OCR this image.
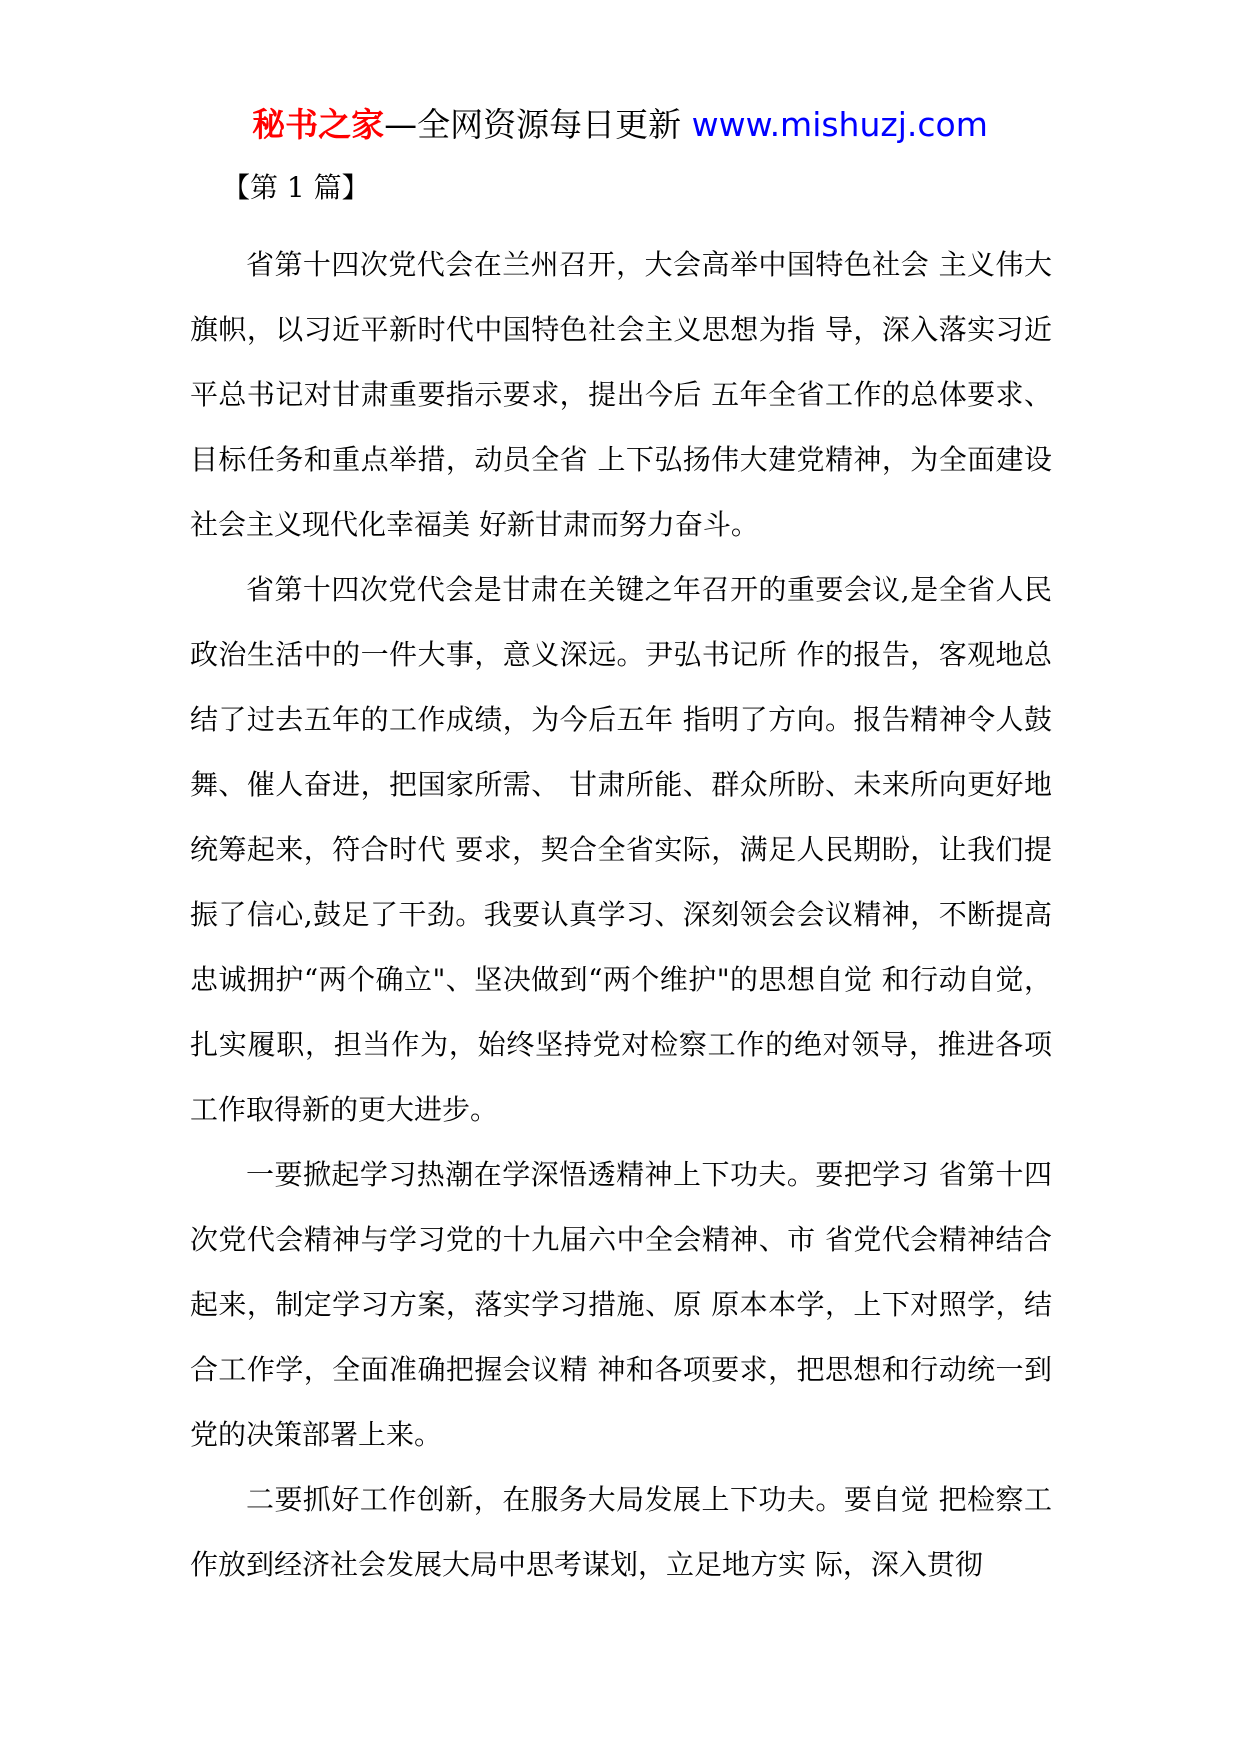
秘书之家—全网资源每日更新 www.mishuzj.com
【第 1 篇】

省第十四次党代会在兰州召开，大会高举中国特色社会 主义伟大旗帜，以习近平新时代中国特色社会主义思想为指 导，深入落实习近平总书记对甘肃重要指示要求，提出今后 五年全省工作的总体要求、目标任务和重点举措，动员全省 上下弘扬伟大建党精神，为全面建设社会主义现代化幸福美 好新甘肃而努力奋斗。

省第十四次党代会是甘肃在关键之年召开的重要会议,是全省人民政治生活中的一件大事，意义深远。尹弘书记所 作的报告，客观地总结了过去五年的工作成绩，为今后五年 指明了方向。报告精神令人鼓舞、催人奋进，把国家所需、 甘肃所能、群众所盼、未来所向更好地统筹起来，符合时代 要求，契合全省实际，满足人民期盼，让我们提振了信心,鼓足了干劲。我要认真学习、深刻领会会议精神，不断提高 忠诚拥护“两个确立"、坚决做到“两个维护"的思想自觉 和行动自觉，扎实履职，担当作为，始终坚持党对检察工作的绝对领导，推进各项工作取得新的更大进步。

一要掀起学习热潮在学深悟透精神上下功夫。要把学习 省第十四次党代会精神与学习党的十九届六中全会精神、市 省党代会精神结合起来，制定学习方案，落实学习措施、原 原本本学，上下对照学，结合工作学，全面准确把握会议精 神和各项要求，把思想和行动统一到党的决策部署上来。

二要抓好工作创新，在服务大局发展上下功夫。要自觉 把检察工作放到经济社会发展大局中思考谋划，立足地方实 际，深入贯彻
